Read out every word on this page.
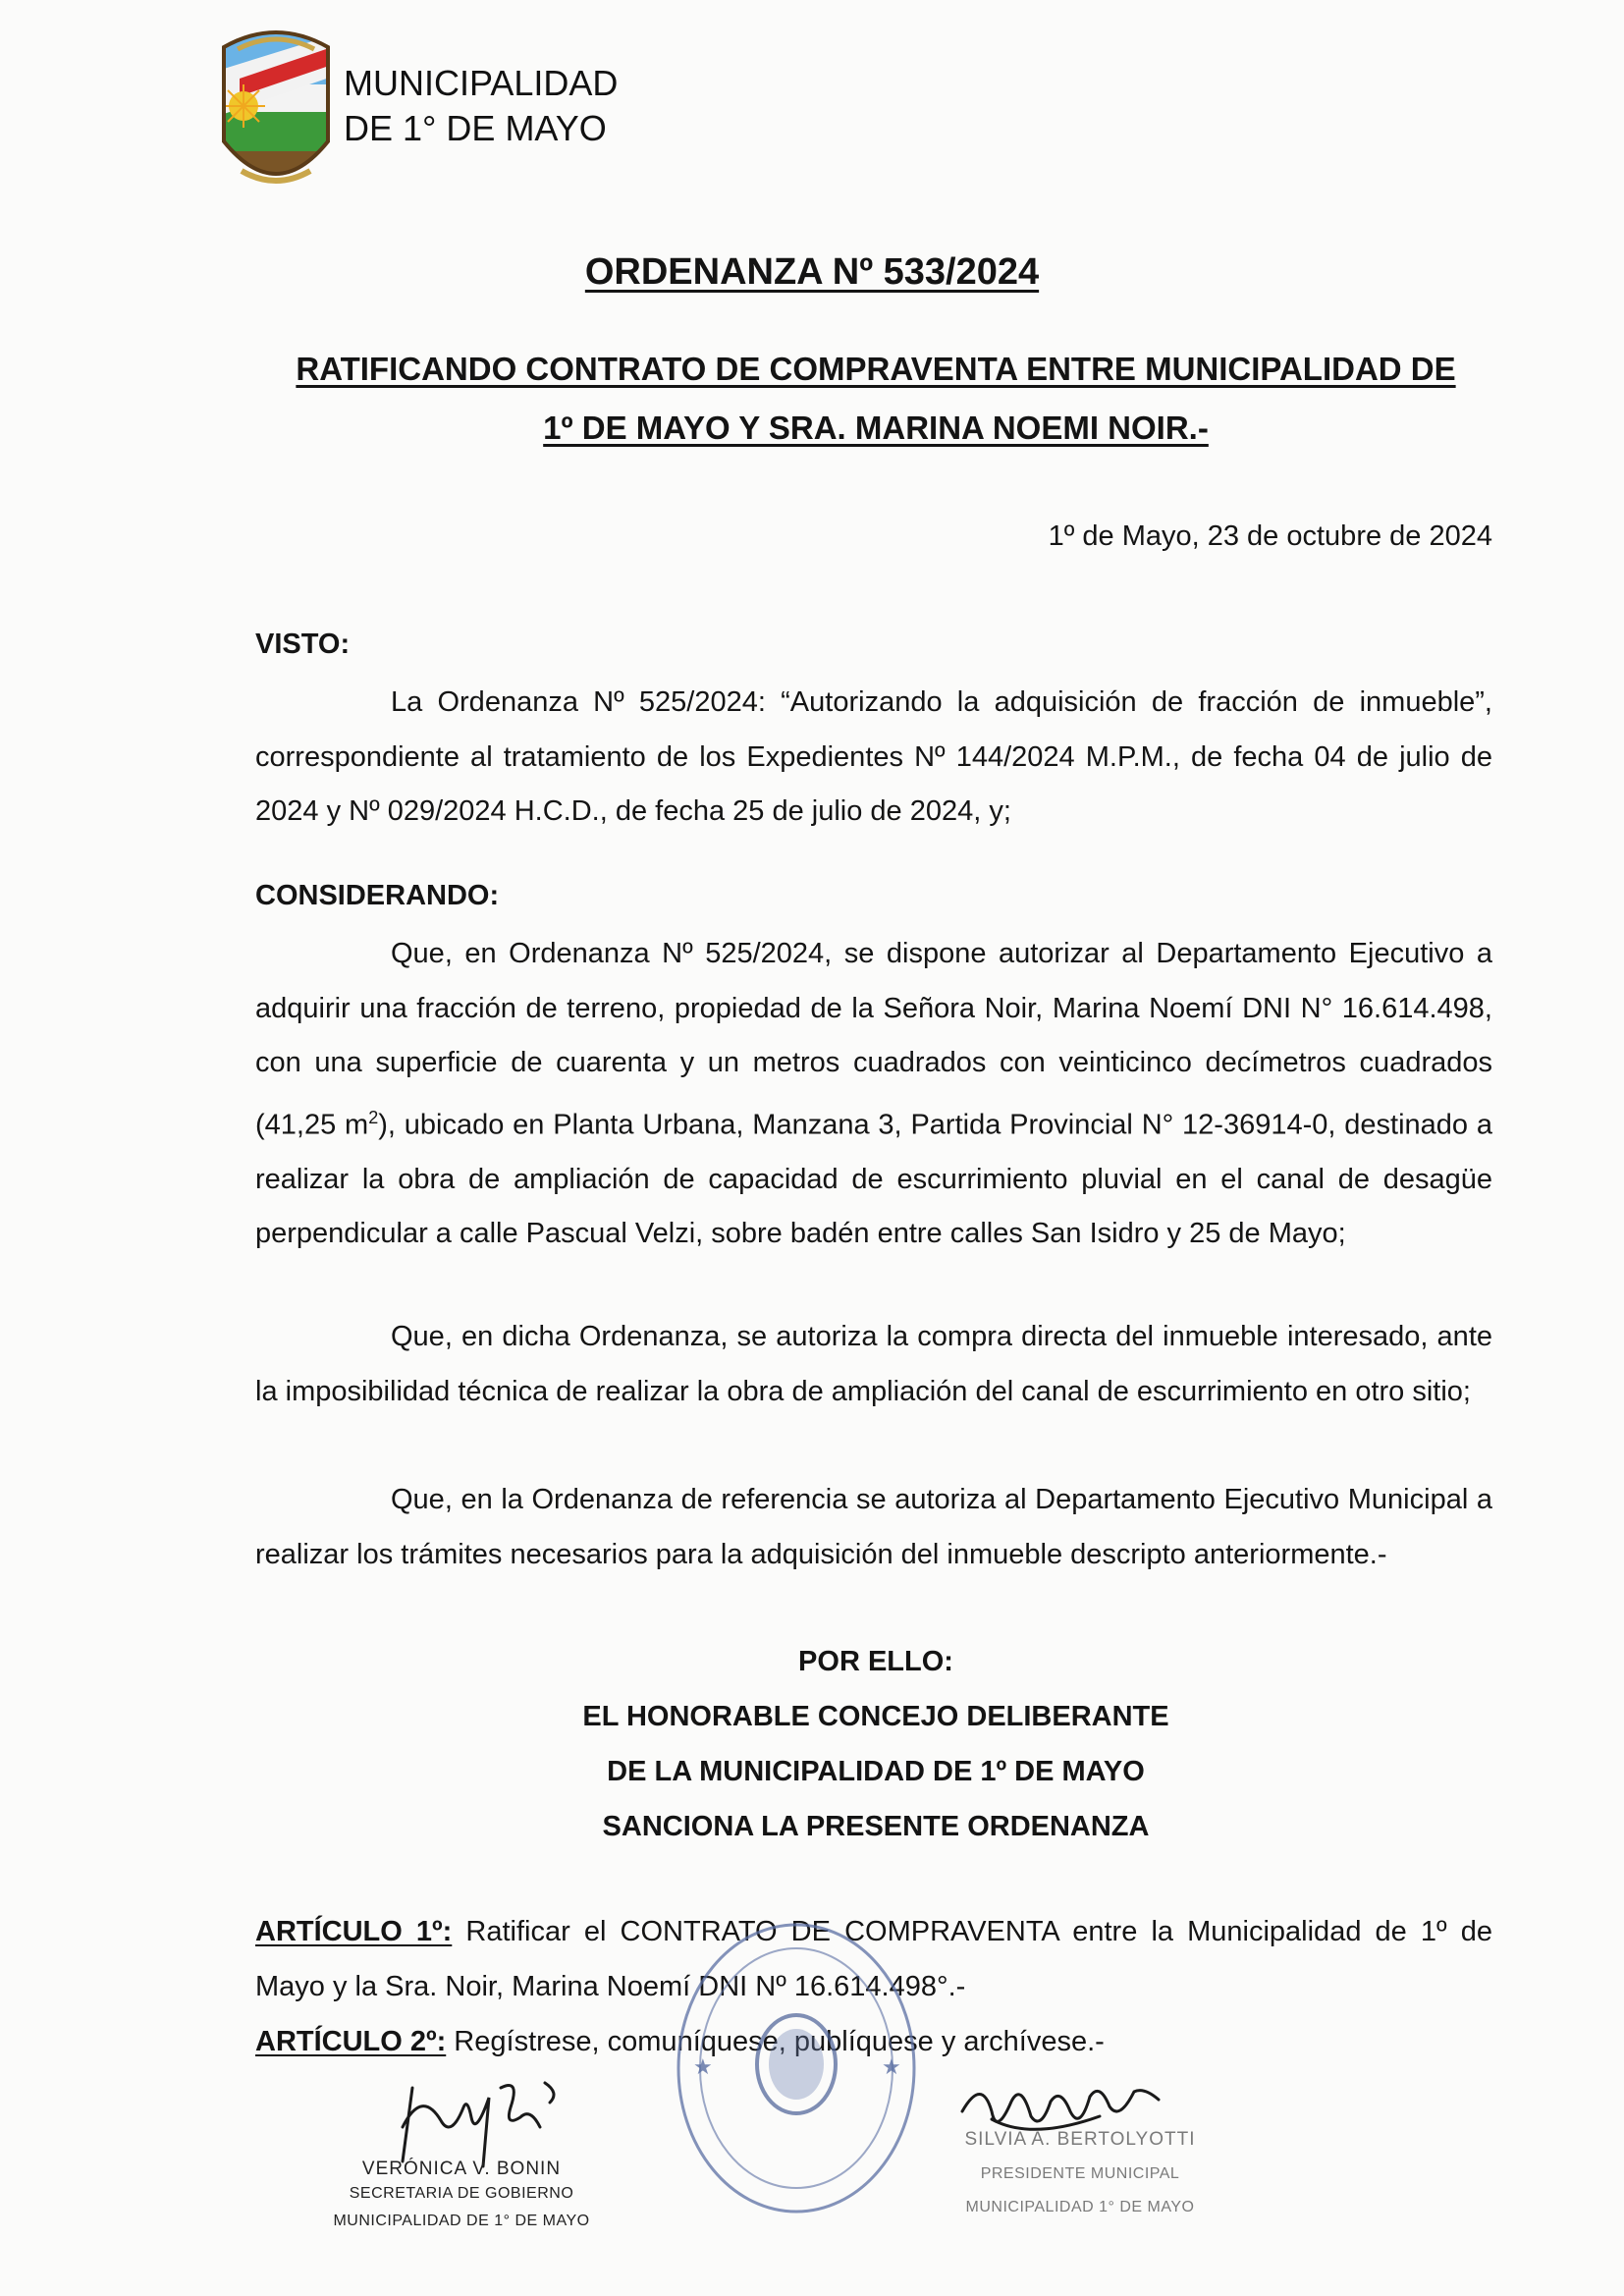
MUNICIPALIDAD
DE 1° DE MAYO
ORDENANZA Nº 533/2024
RATIFICANDO CONTRATO DE COMPRAVENTA ENTRE MUNICIPALIDAD DE
1º DE MAYO Y SRA. MARINA NOEMI NOIR.-
1º de Mayo, 23 de octubre de 2024
VISTO:

La Ordenanza Nº 525/2024: “Autorizando la adquisición de fracción de inmueble”, correspondiente al tratamiento de los Expedientes Nº 144/2024 M.P.M., de fecha 04 de julio de 2024 y Nº 029/2024 H.C.D., de fecha 25 de julio de 2024, y;

CONSIDERANDO:

Que, en Ordenanza Nº 525/2024, se dispone autorizar al Departamento Ejecutivo a adquirir una fracción de terreno, propiedad de la Señora Noir, Marina Noemí DNI N° 16.614.498, con una superficie de cuarenta y un metros cuadrados con veinticinco decímetros cuadrados (41,25 $m^2$), ubicado en Planta Urbana, Manzana 3, Partida Provincial N° 12-36914-0, destinado a realizar la obra de ampliación de capacidad de escurrimiento pluvial en el canal de desagüe perpendicular a calle Pascual Velzi, sobre badén entre calles San Isidro y 25 de Mayo;

Que, en dicha Ordenanza, se autoriza la compra directa del inmueble interesado, ante la imposibilidad técnica de realizar la obra de ampliación del canal de escurrimiento en otro sitio;

Que, en la Ordenanza de referencia se autoriza al Departamento Ejecutivo Municipal a realizar los trámites necesarios para la adquisición del inmueble descripto anteriormente.-

POR ELLO:
EL HONORABLE CONCEJO DELIBERANTE
DE LA MUNICIPALIDAD DE 1º DE MAYO
SANCIONA LA PRESENTE ORDENANZA

ARTÍCULO 1º: Ratificar el CONTRATO DE COMPRAVENTA entre la Municipalidad de 1º de Mayo y la Sra. Noir, Marina Noemí DNI Nº 16.614.498°.-

ARTÍCULO 2º: Regístrese, comuníquese, publíquese y archívese.-

★	★
VERÓNICA V. BONIN
SECRETARIA DE GOBIERNO
MUNICIPALIDAD DE 1° DE MAYO
SILVIA A. BERTOLYOTTI
PRESIDENTE MUNICIPAL
MUNICIPALIDAD 1° DE MAYO
